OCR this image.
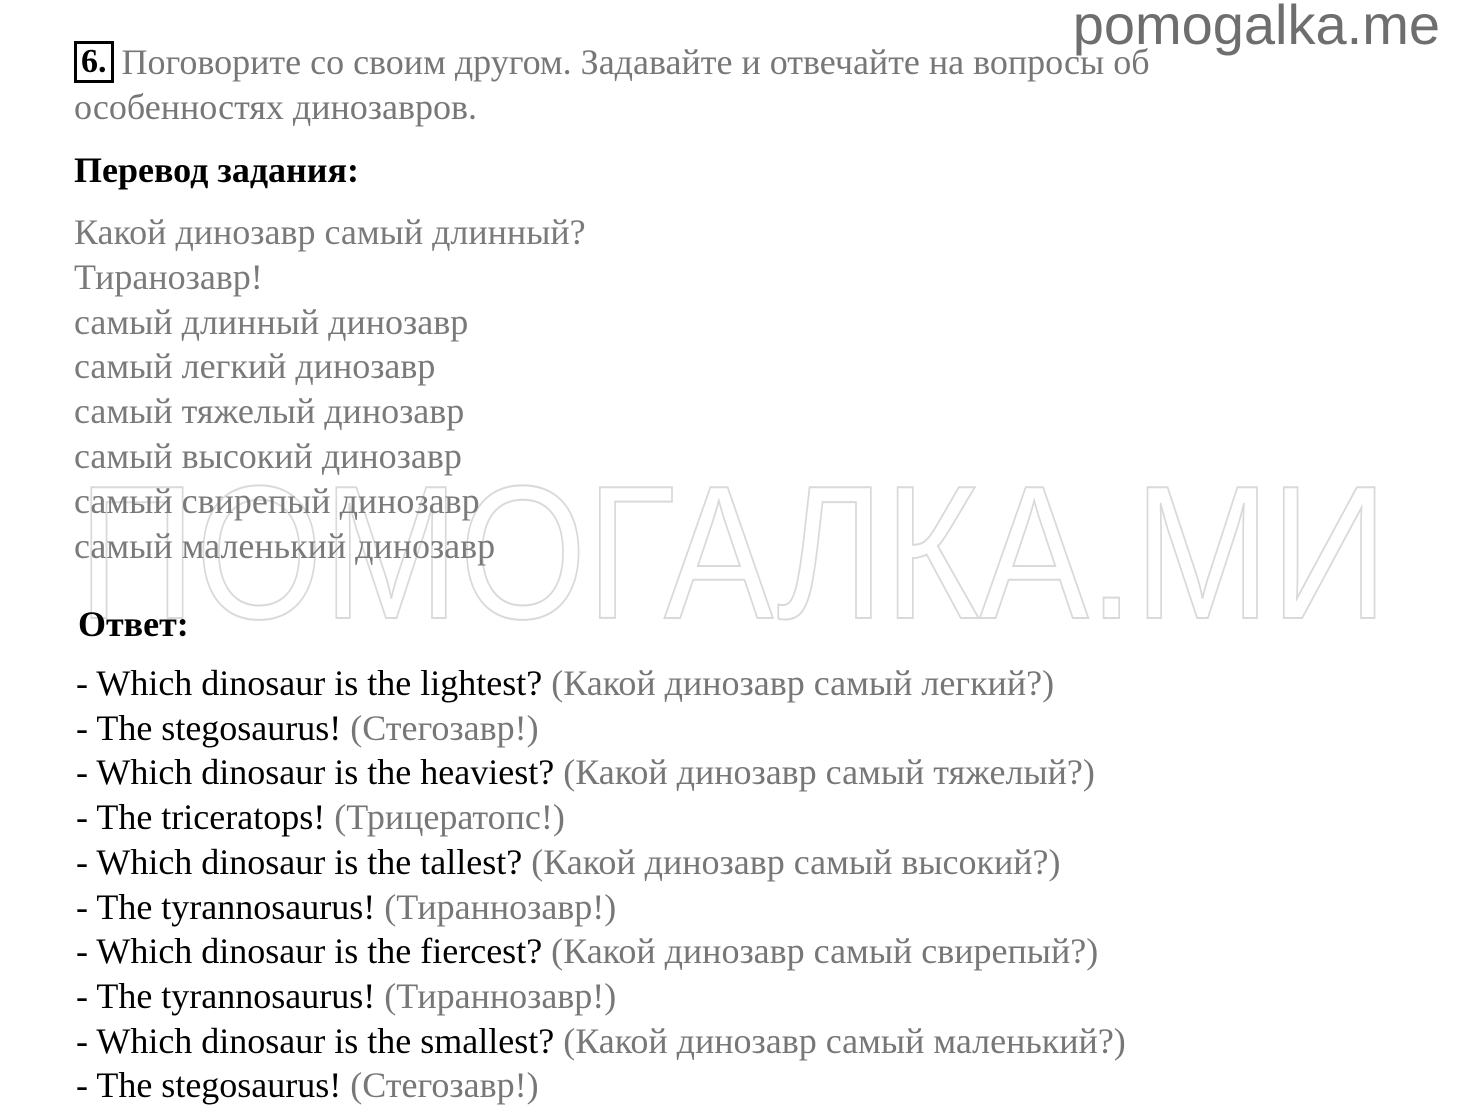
pomogalka.me
ПОМОГАЛКА.МИ
6. Поговорите со своим другом. Задавайте и отвечайте на вопросы об особенностях динозавров.
Перевод задания:
Какой динозавр самый длинный?
Тиранозавр!
самый длинный динозавр
самый легкий динозавр
самый тяжелый динозавр
самый высокий динозавр
самый свирепый динозавр
самый маленький динозавр
Ответ:
- Which dinosaur is the lightest? (Какой динозавр самый легкий?)
- The stegosaurus! (Стегозавр!)
- Which dinosaur is the heaviest? (Какой динозавр самый тяжелый?)
- The triceratops! (Трицератопс!)
- Which dinosaur is the tallest? (Какой динозавр самый высокий?)
- The tyrannosaurus! (Тираннозавр!)
- Which dinosaur is the fiercest? (Какой динозавр самый свирепый?)
- The tyrannosaurus! (Тираннозавр!)
- Which dinosaur is the smallest? (Какой динозавр самый маленький?)
- The stegosaurus! (Стегозавр!)
